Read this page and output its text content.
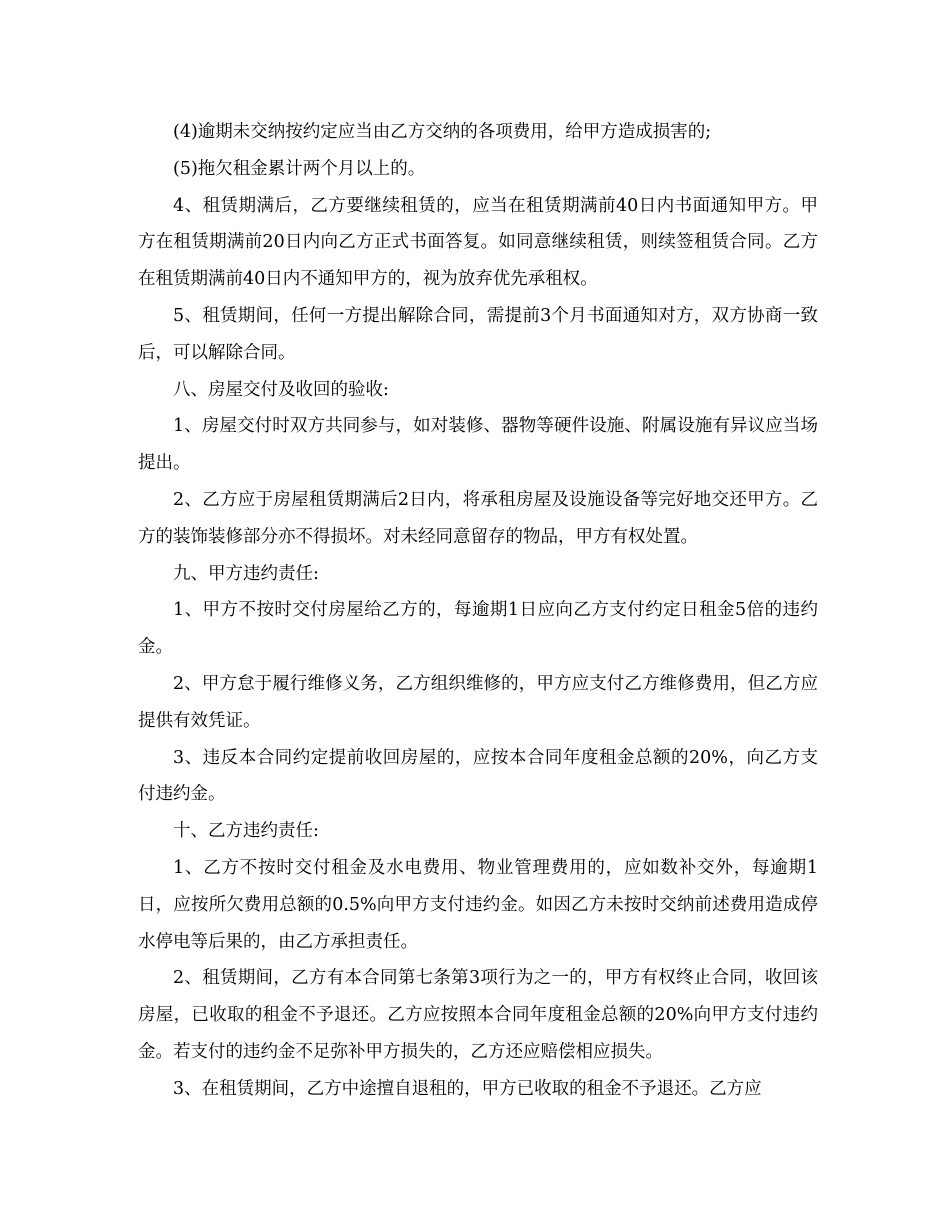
(4)逾期未交纳按约定应当由乙方交纳的各项费用，给甲方造成损害的;

(5)拖欠租金累计两个月以上的。

4、租赁期满后，乙方要继续租赁的，应当在租赁期满前40日内书面通知甲方。甲方在租赁期满前20日内向乙方正式书面答复。如同意继续租赁，则续签租赁合同。乙方在租赁期满前40日内不通知甲方的，视为放弃优先承租权。

5、租赁期间，任何一方提出解除合同，需提前3个月书面通知对方，双方协商一致后，可以解除合同。

八、房屋交付及收回的验收:

1、房屋交付时双方共同参与，如对装修、器物等硬件设施、附属设施有异议应当场提出。

2、乙方应于房屋租赁期满后2日内，将承租房屋及设施设备等完好地交还甲方。乙方的装饰装修部分亦不得损坏。对未经同意留存的物品，甲方有权处置。

九、甲方违约责任:

1、甲方不按时交付房屋给乙方的，每逾期1日应向乙方支付约定日租金5倍的违约金。

2、甲方怠于履行维修义务，乙方组织维修的，甲方应支付乙方维修费用，但乙方应提供有效凭证。

3、违反本合同约定提前收回房屋的，应按本合同年度租金总额的20%，向乙方支付违约金。

十、乙方违约责任:

1、乙方不按时交付租金及水电费用、物业管理费用的，应如数补交外，每逾期1日，应按所欠费用总额的0.5%向甲方支付违约金。如因乙方未按时交纳前述费用造成停水停电等后果的，由乙方承担责任。

2、租赁期间，乙方有本合同第七条第3项行为之一的，甲方有权终止合同，收回该房屋，已收取的租金不予退还。乙方应按照本合同年度租金总额的20%向甲方支付违约金。若支付的违约金不足弥补甲方损失的，乙方还应赔偿相应损失。

3、在租赁期间，乙方中途擅自退租的，甲方已收取的租金不予退还。乙方应
